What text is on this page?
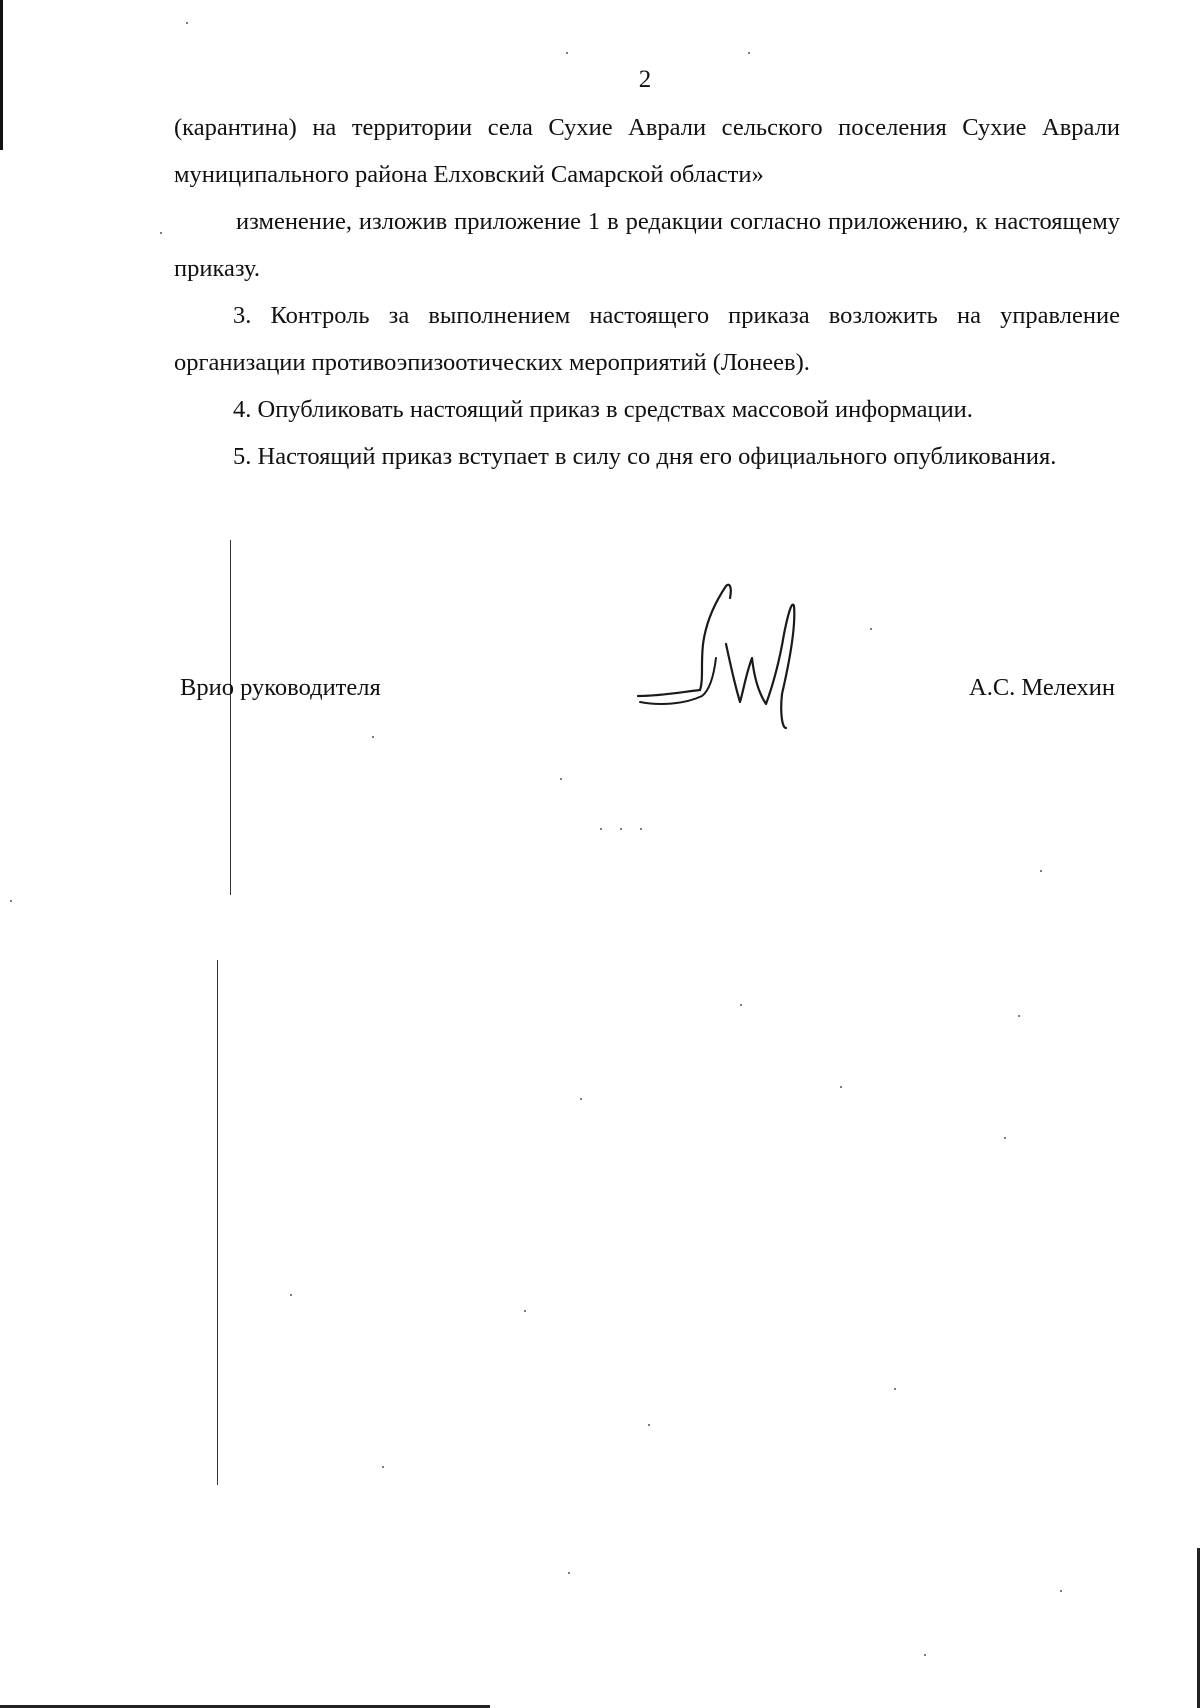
2

(карантина) на территории села Сухие Аврали сельского поселения Сухие Аврали муниципального района Елховский Самарской области»

изменение, изложив приложение 1 в редакции согласно приложению, к настоящему приказу.

3. Контроль за выполнением настоящего приказа возложить на управление организации противоэпизоотических мероприятий (Лонеев).

4. Опубликовать настоящий приказ в средствах массовой информации.

5. Настоящий приказ вступает в силу со дня его официального опубликования.

Врио руководителя	А.С. Мелехин
